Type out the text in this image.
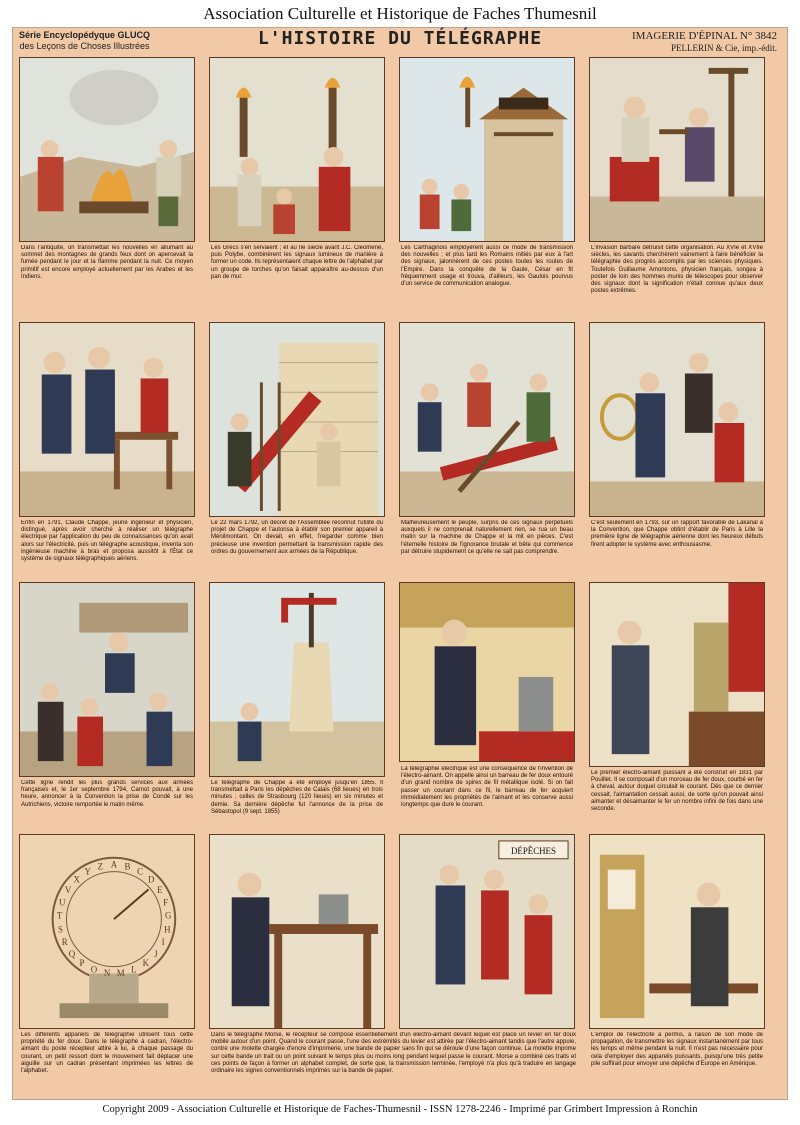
Association Culturelle et Historique de Faches Thumesnil
Série Encyclopédyque GLUCQ
des Leçons de Choses Illustrées	L'HISTOIRE DU TÉLÉGRAPHE	IMAGERIE D'ÉPINAL N° 3842
PELLERIN & Cie, imp.-édit.
Dans l'antiquité, on transmettait les nouvelles en allumant au sommet des montagnes de grands feux dont on apercevait la fumée pendant le jour et la flamme pendant la nuit. Ce moyen primitif est encore employé actuellement par les Arabes et les Indiens.
Les Grecs s'en servaient ; et au IIe siècle avant J.C. Cléomène, puis Polybe, combinèrent les signaux lumineux de manière à former un code. Ils représentaient chaque lettre de l'alphabet par un groupe de torches qu'on faisait apparaître au-dessus d'un pan de mur.
Les Carthaginois employèrent aussi ce mode de transmission des nouvelles ; et plus tard les Romains initiés par eux à l'art des signaux, jalonnèrent de ces postes toutes les routes de l'Empire. Dans la conquête de la Gaule, César en fit fréquemment usage et trouva, d'ailleurs, les Gaulois pourvus d'un service de communication analogue.
L'invasion barbare détruisit cette organisation. Au XVIe et XVIIe siècles, les savants cherchèrent vainement à faire bénéficier la télégraphie des progrès accomplis par les sciences physiques. Toutefois Guillaume Amontons, physicien français, songea à poster de loin des hommes munis de télescopes pour observer des signaux dont la signification n'était connue qu'aux deux postes extrêmes.
Enfin en 1791, Claude Chappe, jeune ingénieur et physicien, distingué, après avoir cherché à réaliser un télégraphe électrique par l'application du peu de connaissances qu'on avait alors sur l'électricité, puis un télégraphe acoustique, inventa son ingénieuse machine à bras et proposa aussitôt à l'État ce système de signaux télégraphiques aériens.
Le 22 mars 1792, un décret de l'Assemblée reconnut l'utilité du projet de Chappe et l'autorisa à établir son premier appareil à Ménilmontant. On devait, en effet, l'regarder comme bien précieuse une invention permettant la transmission rapide des ordres du gouvernement aux armées de la République.
Malheureusement le peuple, surpris de ces signaux perpétuels auxquels il ne comprenait naturellement rien, se rua un beau matin sur la machine de Chappe et la mit en pièces. C'est l'éternelle histoire de l'ignorance brutale et bête qui commence par détruire stupidement ce qu'elle ne sait pas comprendre.
C'est seulement en 1793, sur un rapport favorable de Lakanal à la Convention, que Chappe obtint d'établir de Paris à Lille la première ligne de télégraphie aérienne dont les heureux débuts firent adopter le système avec enthousiasme.
Cette ligne rendit les plus grands services aux armées françaises et, le 1er septembre 1794, Carnot pouvait, à une heure, annoncer à la Convention la prise de Condé sur les Autrichiens, victoire remportée le matin même.
Le télégraphe de Chappe a été employé jusqu'en 1855. Il transmettait à Paris les dépêches de Calais (68 lieues) en trois minutes ; celles de Strasbourg (120 lieues) en six minutes et demie. Sa dernière dépêche fut l'annonce de la prise de Sébastopol (9 sept. 1855)
La télégraphie électrique est une conséquence de l'invention de l'électro-aimant. On appelle ainsi un barreau de fer doux entouré d'un grand nombre de spires de fil métallique isolé. Si on fait passer un courant dans ce fil, le barreau de fer acquiert immédiatement les propriétés de l'aimant et les conserve aussi longtemps que dure le courant.
Le premier électro-aimant puissant a été construit en 1831 par Pouillet. Il se composait d'un morceau de fer doux, courbé en fer à cheval, autour duquel circulait le courant. Dès que ce dernier cessait, l'aimantation cessait aussi, de sorte qu'on pouvait ainsi aimanter et désaimanter le fer un nombre infini de fois dans une seconde.
A B
C
D
E
F
G
H
I
J
K
L
M
N
O
P
Q
R
S
T
U
V
X
Y
Z
Les différents appareils de télégraphie utilisent tous cette propriété du fer doux. Dans le télégraphe à cadran, l'électro-aimant du poste récepteur attire à lui, à chaque passage du courant, un petit ressort dont le mouvement fait déplacer une aiguille sur un cadran présentant imprimées les lettres de l'alphabet.
Dans le télégraphe Morse, le récepteur se compose essentiellement d'un électro-aimant devant lequel est placé un levier en fer doux mobile autour d'un point. Quand le courant passe, l'une des extrémités du levier est attirée par l'électro-aimant tandis que l'autre appuie, contre une molette chargée d'encre d'imprimerie, une bande de papier sans fin qui se déroule d'une façon continue. La molette imprime sur cette bande un trait ou un point suivant le temps plus ou moins long pendant lequel passe le courant. Morse a combiné ces traits et ces points de façon à former un alphabet complet, de sorte que, la transmission terminée, l'employé n'a plus qu'à traduire en langage ordinaire les signes conventionnels imprimés sur la bande de papier.
DÉPÊCHES
L'emploi de l'électricité a permis, à raison de son mode de propagation, de transmettre les signaux instantanément par tous les temps et même pendant la nuit. Il n'est pas nécessaire pour cela d'employer des appareils puissants, puisqu'une très petite pile suffirait pour envoyer une dépêche d'Europe en Amérique.
Copyright 2009 - Association Culturelle et Historique de Faches-Thumesnil - ISSN 1278-2246 - Imprimé par Grimbert Impression à Ronchin
